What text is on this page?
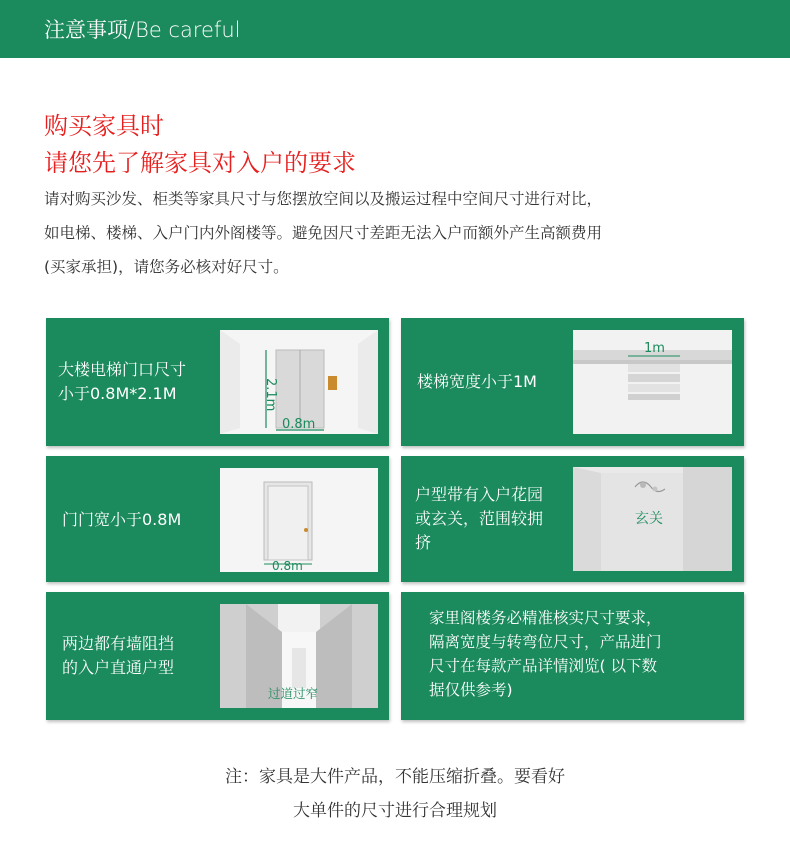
注意事项/Be careful
购买家具时
请您先了解家具对入户的要求
请对购买沙发、柜类等家具尺寸与您摆放空间以及搬运过程中空间尺寸进行对比，
如电梯、楼梯、入户门内外阁楼等。避免因尺寸差距无法入户而额外产生高额费用
(买家承担)，请您务必核对好尺寸。
大楼电梯门口尺寸
小于0.8M*2.1M	2.1m
0.8m
楼梯宽度小于1M
1m
门门宽小于0.8M
0.8m
户型带有入户花园
或玄关，范围较拥
挤
玄关
两边都有墙阻挡
的入户直通户型
过道过窄
家里阁楼务必精准核实尺寸要求，
隔离宽度与转弯位尺寸，产品进门
尺寸在每款产品详情浏览( 以下数
据仅供参考)
注：家具是大件产品，不能压缩折叠。要看好
大单件的尺寸进行合理规划
